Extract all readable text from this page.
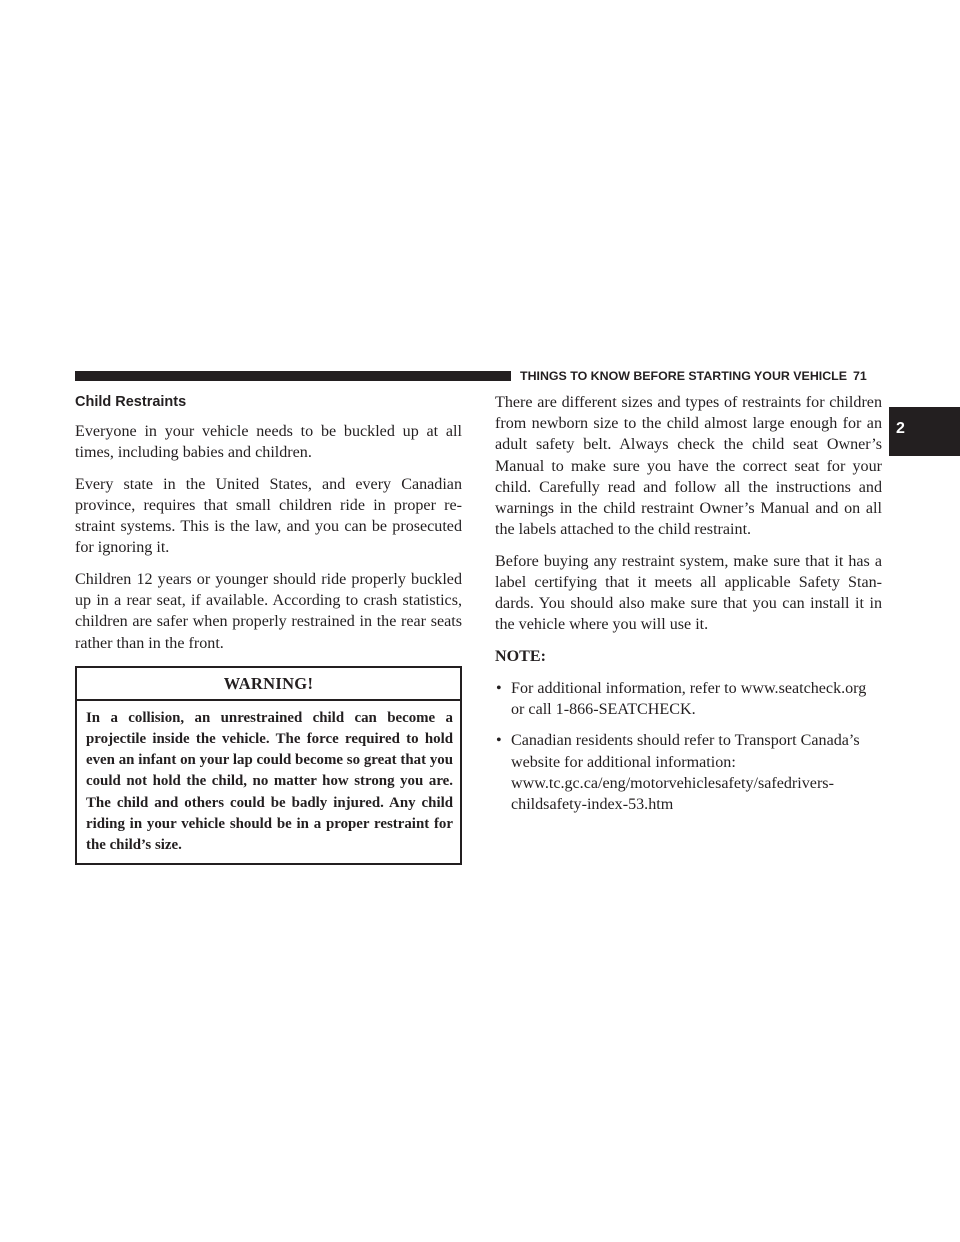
THINGS TO KNOW BEFORE STARTING YOUR VEHICLE 71
2
Child Restraints

Everyone in your vehicle needs to be buckled up at all times, including babies and children.

Every state in the United States, and every Canadian province, requires that small children ride in proper re-straint systems. This is the law, and you can be prosecuted for ignoring it.

Children 12 years or younger should ride properly buckled up in a rear seat, if available. According to crash statistics, children are safer when properly restrained in the rear seats rather than in the front.

WARNING!
In a collision, an unrestrained child can become a projectile inside the vehicle. The force required to hold even an infant on your lap could become so great that you could not hold the child, no matter how strong you are. The child and others could be badly injured. Any child riding in your vehicle should be in a proper restraint for the child’s size.

There are different sizes and types of restraints for children from newborn size to the child almost large enough for an adult safety belt. Always check the child seat Owner’s Manual to make sure you have the correct seat for your child. Carefully read and follow all the instructions and warnings in the child restraint Owner’s Manual and on all the labels attached to the child restraint.

Before buying any restraint system, make sure that it has a label certifying that it meets all applicable Safety Stan-dards. You should also make sure that you can install it in the vehicle where you will use it.

NOTE:
• For additional information, refer to www.seatcheck.org or call 1-866-SEATCHECK.
• Canadian residents should refer to Transport Canada’s website for additional information: www.tc.gc.ca/eng/motorvehiclesafety/safedrivers-childsafety-index-53.htm
